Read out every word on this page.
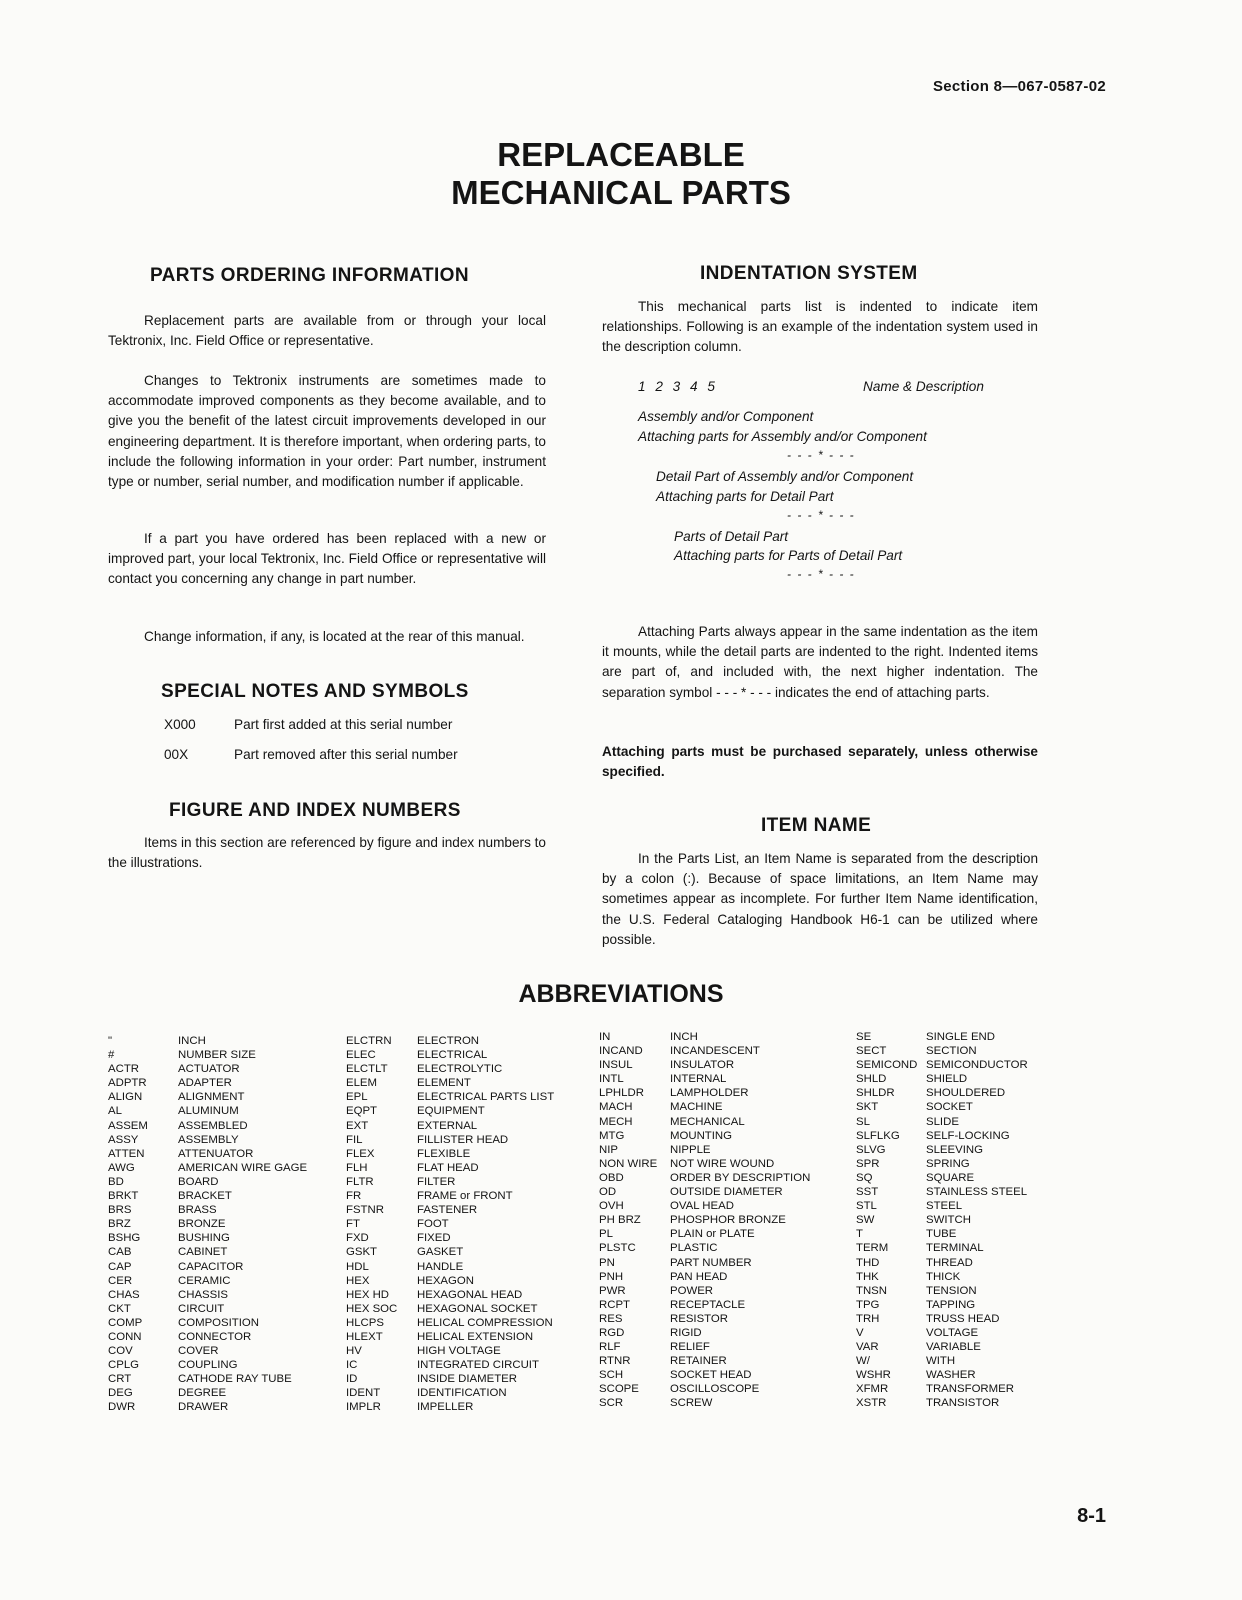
Section 8—067-0587-02
REPLACEABLE
MECHANICAL PARTS
PARTS ORDERING INFORMATION
Replacement parts are available from or through your local Tektronix, Inc. Field Office or representative.
Changes to Tektronix instruments are sometimes made to accommodate improved components as they become available, and to give you the benefit of the latest circuit improvements developed in our engineering department. It is therefore important, when ordering parts, to include the following information in your order: Part number, instrument type or number, serial number, and modification number if applicable.
If a part you have ordered has been replaced with a new or improved part, your local Tektronix, Inc. Field Office or representative will contact you concerning any change in part number.
Change information, if any, is located at the rear of this manual.
SPECIAL NOTES AND SYMBOLS
X000	Part first added at this serial number
00X	Part removed after this serial number
FIGURE AND INDEX NUMBERS
Items in this section are referenced by figure and index numbers to the illustrations.
INDENTATION SYSTEM
This mechanical parts list is indented to indicate item relationships. Following is an example of the indentation system used in the description column.
1 2 3 4 5	Name & Description
Assembly and/or Component
Attaching parts for Assembly and/or Component
- - - * - - -
Detail Part of Assembly and/or Component
Attaching parts for Detail Part
- - - * - - -
Parts of Detail Part
Attaching parts for Parts of Detail Part
- - - * - - -
Attaching Parts always appear in the same indentation as the item it mounts, while the detail parts are indented to the right. Indented items are part of, and included with, the next higher indentation. The separation symbol - - - * - - - indicates the end of attaching parts.
Attaching parts must be purchased separately, unless otherwise specified.
ITEM NAME
In the Parts List, an Item Name is separated from the description by a colon (:). Because of space limitations, an Item Name may sometimes appear as incomplete. For further Item Name identification, the U.S. Federal Cataloging Handbook H6-1 can be utilized where possible.
ABBREVIATIONS
"	INCH
#	NUMBER SIZE
ACTR	ACTUATOR
ADPTR	ADAPTER
ALIGN	ALIGNMENT
AL	ALUMINUM
ASSEM	ASSEMBLED
ASSY	ASSEMBLY
ATTEN	ATTENUATOR
AWG	AMERICAN WIRE GAGE
BD	BOARD
BRKT	BRACKET
BRS	BRASS
BRZ	BRONZE
BSHG	BUSHING
CAB	CABINET
CAP	CAPACITOR
CER	CERAMIC
CHAS	CHASSIS
CKT	CIRCUIT
COMP	COMPOSITION
CONN	CONNECTOR
COV	COVER
CPLG	COUPLING
CRT	CATHODE RAY TUBE
DEG	DEGREE
DWR	DRAWER
ELCTRN	ELECTRON
ELEC	ELECTRICAL
ELCTLT	ELECTROLYTIC
ELEM	ELEMENT
EPL	ELECTRICAL PARTS LIST
EQPT	EQUIPMENT
EXT	EXTERNAL
FIL	FILLISTER HEAD
FLEX	FLEXIBLE
FLH	FLAT HEAD
FLTR	FILTER
FR	FRAME or FRONT
FSTNR	FASTENER
FT	FOOT
FXD	FIXED
GSKT	GASKET
HDL	HANDLE
HEX	HEXAGON
HEX HD	HEXAGONAL HEAD
HEX SOC	HEXAGONAL SOCKET
HLCPS	HELICAL COMPRESSION
HLEXT	HELICAL EXTENSION
HV	HIGH VOLTAGE
IC	INTEGRATED CIRCUIT
ID	INSIDE DIAMETER
IDENT	IDENTIFICATION
IMPLR	IMPELLER
IN	INCH
INCAND	INCANDESCENT
INSUL	INSULATOR
INTL	INTERNAL
LPHLDR	LAMPHOLDER
MACH	MACHINE
MECH	MECHANICAL
MTG	MOUNTING
NIP	NIPPLE
NON WIRE	NOT WIRE WOUND
OBD	ORDER BY DESCRIPTION
OD	OUTSIDE DIAMETER
OVH	OVAL HEAD
PH BRZ	PHOSPHOR BRONZE
PL	PLAIN or PLATE
PLSTC	PLASTIC
PN	PART NUMBER
PNH	PAN HEAD
PWR	POWER
RCPT	RECEPTACLE
RES	RESISTOR
RGD	RIGID
RLF	RELIEF
RTNR	RETAINER
SCH	SOCKET HEAD
SCOPE	OSCILLOSCOPE
SCR	SCREW
SE	SINGLE END
SECT	SECTION
SEMICOND SEMICONDUCTOR
SHLD	SHIELD
SHLDR	SHOULDERED
SKT	SOCKET
SL	SLIDE
SLFLKG	SELF-LOCKING
SLVG	SLEEVING
SPR	SPRING
SQ	SQUARE
SST	STAINLESS STEEL
STL	STEEL
SW	SWITCH
T	TUBE
TERM	TERMINAL
THD	THREAD
THK	THICK
TNSN	TENSION
TPG	TAPPING
TRH	TRUSS HEAD
V	VOLTAGE
VAR	VARIABLE
W/	WITH
WSHR	WASHER
XFMR	TRANSFORMER
XSTR	TRANSISTOR
8-1
